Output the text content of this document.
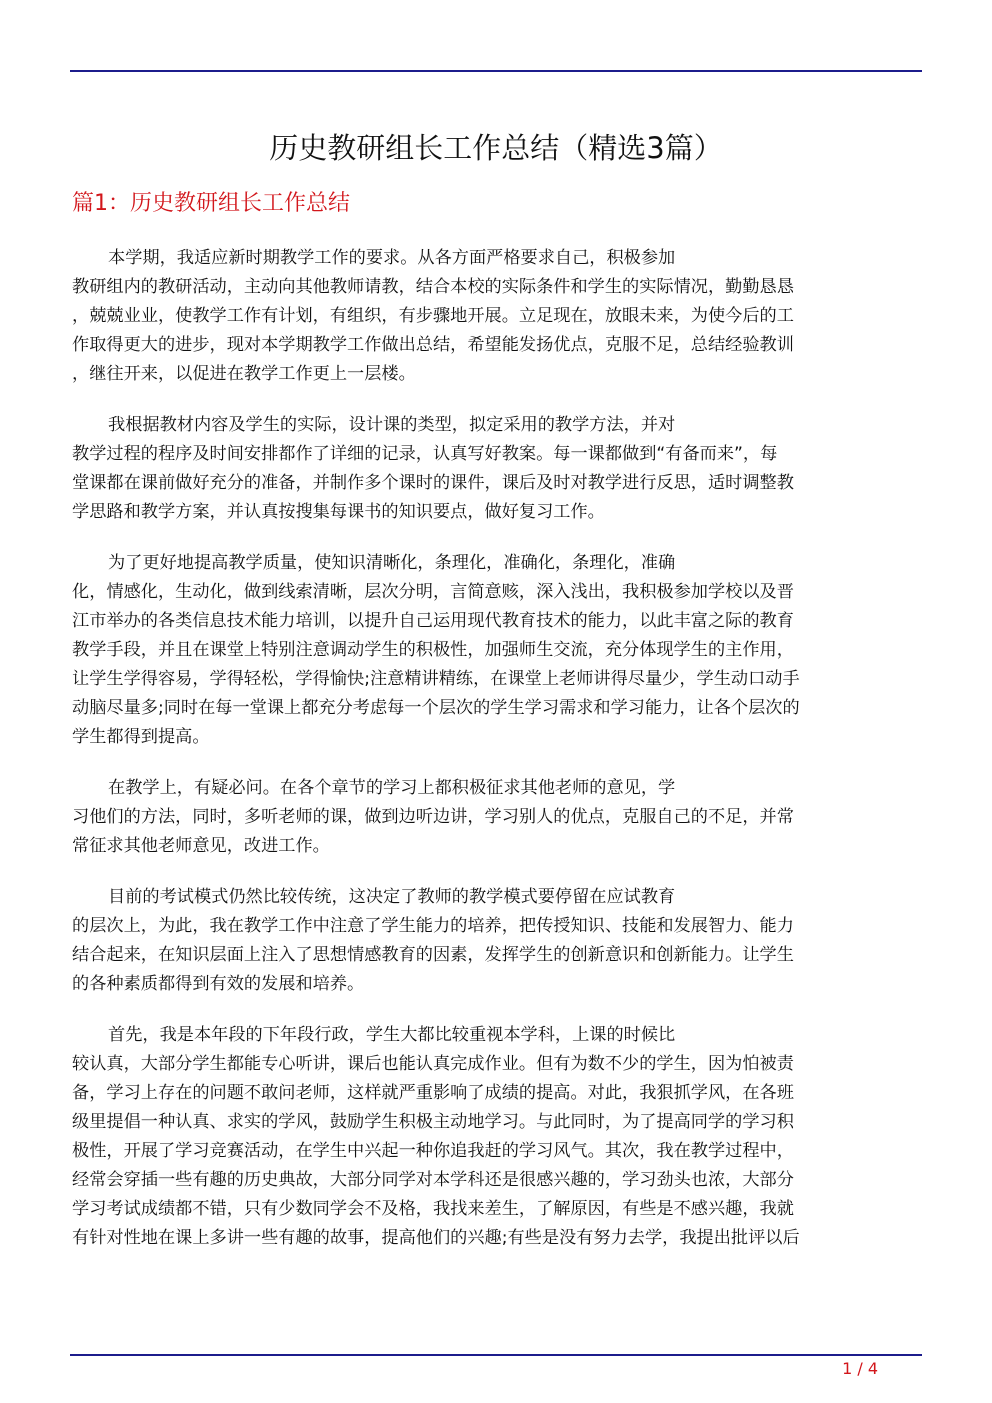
历史教研组长工作总结（精选3篇）
篇1：历史教研组长工作总结

本学期，我适应新时期教学工作的要求。从各方面严格要求自己，积极参加
教研组内的教研活动，主动向其他教师请教，结合本校的实际条件和学生的实际情况，勤勤恳恳
，兢兢业业，使教学工作有计划，有组织，有步骤地开展。立足现在，放眼未来，为使今后的工
作取得更大的进步，现对本学期教学工作做出总结，希望能发扬优点，克服不足，总结经验教训
，继往开来，以促进在教学工作更上一层楼。

我根据教材内容及学生的实际，设计课的类型，拟定采用的教学方法，并对
教学过程的程序及时间安排都作了详细的记录，认真写好教案。每一课都做到“有备而来”，每
堂课都在课前做好充分的准备，并制作多个课时的课件，课后及时对教学进行反思，适时调整教
学思路和教学方案，并认真按搜集每课书的知识要点，做好复习工作。

为了更好地提高教学质量，使知识清晰化，条理化，准确化，条理化，准确
化，情感化，生动化，做到线索清晰，层次分明，言简意赅，深入浅出，我积极参加学校以及晋
江市举办的各类信息技术能力培训，以提升自己运用现代教育技术的能力，以此丰富之际的教育
教学手段，并且在课堂上特别注意调动学生的积极性，加强师生交流，充分体现学生的主作用，
让学生学得容易，学得轻松，学得愉快;注意精讲精练，在课堂上老师讲得尽量少，学生动口动手
动脑尽量多;同时在每一堂课上都充分考虑每一个层次的学生学习需求和学习能力，让各个层次的
学生都得到提高。

在教学上，有疑必问。在各个章节的学习上都积极征求其他老师的意见，学
习他们的方法，同时，多听老师的课，做到边听边讲，学习别人的优点，克服自己的不足，并常
常征求其他老师意见，改进工作。

目前的考试模式仍然比较传统，这决定了教师的教学模式要停留在应试教育
的层次上，为此，我在教学工作中注意了学生能力的培养，把传授知识、技能和发展智力、能力
结合起来，在知识层面上注入了思想情感教育的因素，发挥学生的创新意识和创新能力。让学生
的各种素质都得到有效的发展和培养。

首先，我是本年段的下年段行政，学生大都比较重视本学科，上课的时候比
较认真，大部分学生都能专心听讲，课后也能认真完成作业。但有为数不少的学生，因为怕被责
备，学习上存在的问题不敢问老师，这样就严重影响了成绩的提高。对此，我狠抓学风，在各班
级里提倡一种认真、求实的学风，鼓励学生积极主动地学习。与此同时，为了提高同学的学习积
极性，开展了学习竞赛活动，在学生中兴起一种你追我赶的学习风气。其次，我在教学过程中，
经常会穿插一些有趣的历史典故，大部分同学对本学科还是很感兴趣的，学习劲头也浓，大部分
学习考试成绩都不错，只有少数同学会不及格，我找来差生，了解原因，有些是不感兴趣，我就
有针对性地在课上多讲一些有趣的故事，提高他们的兴趣;有些是没有努力去学，我提出批评以后

1 / 4
